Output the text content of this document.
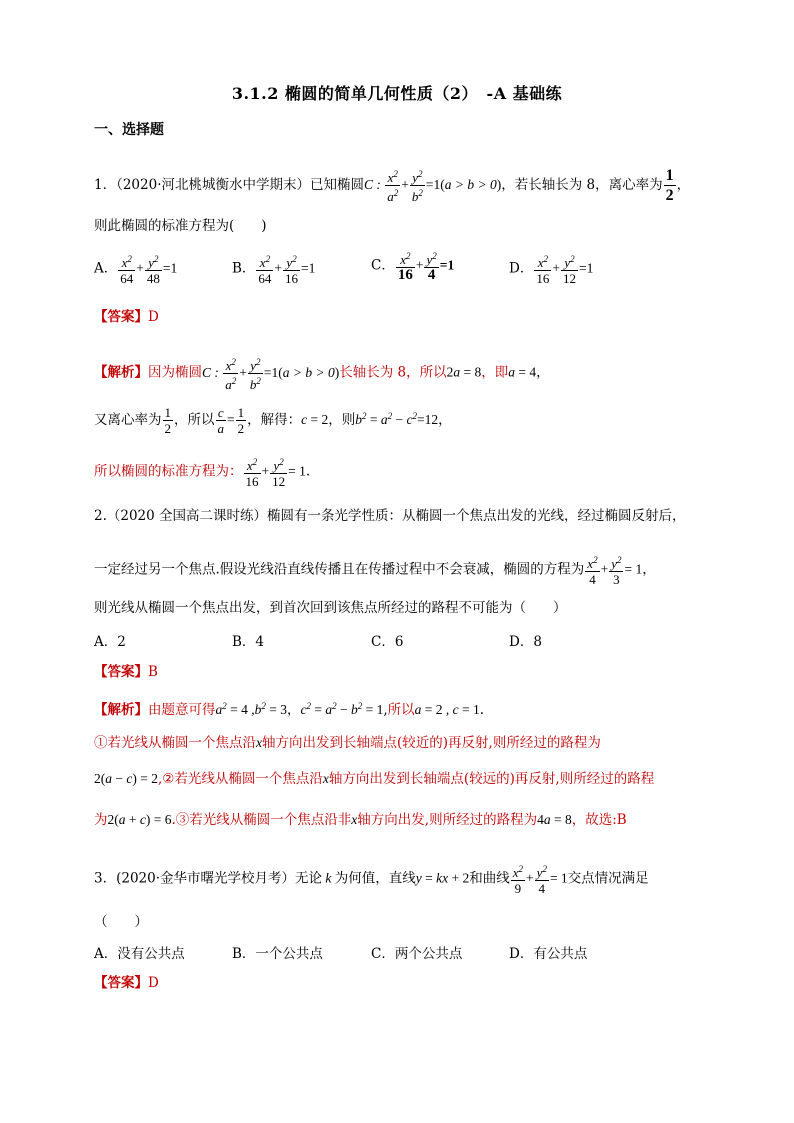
3.1.2 椭圆的简单几何性质（2）　-A 基础练
一、选择题
1．（2020·河北桃城衡水中学期末）已知椭圆C : $\frac{x^2}{a^2} + \frac{y^2}{b^2} =1(a > b > 0)$，若长轴长为 8，离心率为 $\frac{1}{2}$ ，
则此椭圆的标准方程为(　　)
A． $\frac{x^2}{64} + \frac{y^2}{48} =1$	B． $\frac{x^2}{64} + \frac{y^2}{16} =1$	C． $\frac{x^2}{16} + \frac{y^2}{4} =1$	D． $\frac{x^2}{16} + \frac{y^2}{12} =1$
【答案】D
【解析】因为椭圆C : $\frac{x^2}{a^2} + \frac{y^2}{b^2} =1(a > b > 0)$长轴长为 8，所以2a = 8，即a = 4，
又离心率为 $\frac{1}{2}$ ，所以 $\frac{c}{a} = \frac{1}{2}$ ，解得：c = 2，则$b^2 = a^2 - c^2=12$，
所以椭圆的标准方程为： $\frac{x^2}{16} + \frac{y^2}{12} = 1$.
2.（2020 全国高二课时练）椭圆有一条光学性质：从椭圆一个焦点出发的光线，经过椭圆反射后，
一定经过另一个焦点.假设光线沿直线传播且在传播过程中不会衰减，椭圆的方程为 $\frac{x^2}{4} + \frac{y^2}{3} = 1$，
则光线从椭圆一个焦点出发，到首次回到该焦点所经过的路程不可能为（　　）
A．2	B．4	C．6	D．8
【答案】B
【解析】由题意可得$a^2 = 4$ $,b^2 = 3$，$c^2 = a^2 - b^2 = 1$,所以a = 2 , c = 1.
①若光线从椭圆一个焦点沿x轴方向出发到长轴端点(较近的)再反射,则所经过的路程为
2(a − c) = 2,②若光线从椭圆一个焦点沿x轴方向出发到长轴端点(较远的)再反射,则所经过的路程
为2(a + c) = 6.③若光线从椭圆一个焦点沿非x轴方向出发,则所经过的路程为4a = 8，故选:B
3．(2020·金华市曙光学校月考）无论 k 为何值，直线y = kx + 2和曲线 $\frac{x^2}{9} + \frac{y^2}{4} = 1$交点情况满足
（　　）
A．没有公共点	B．一个公共点	C．两个公共点	D．有公共点
【答案】D
